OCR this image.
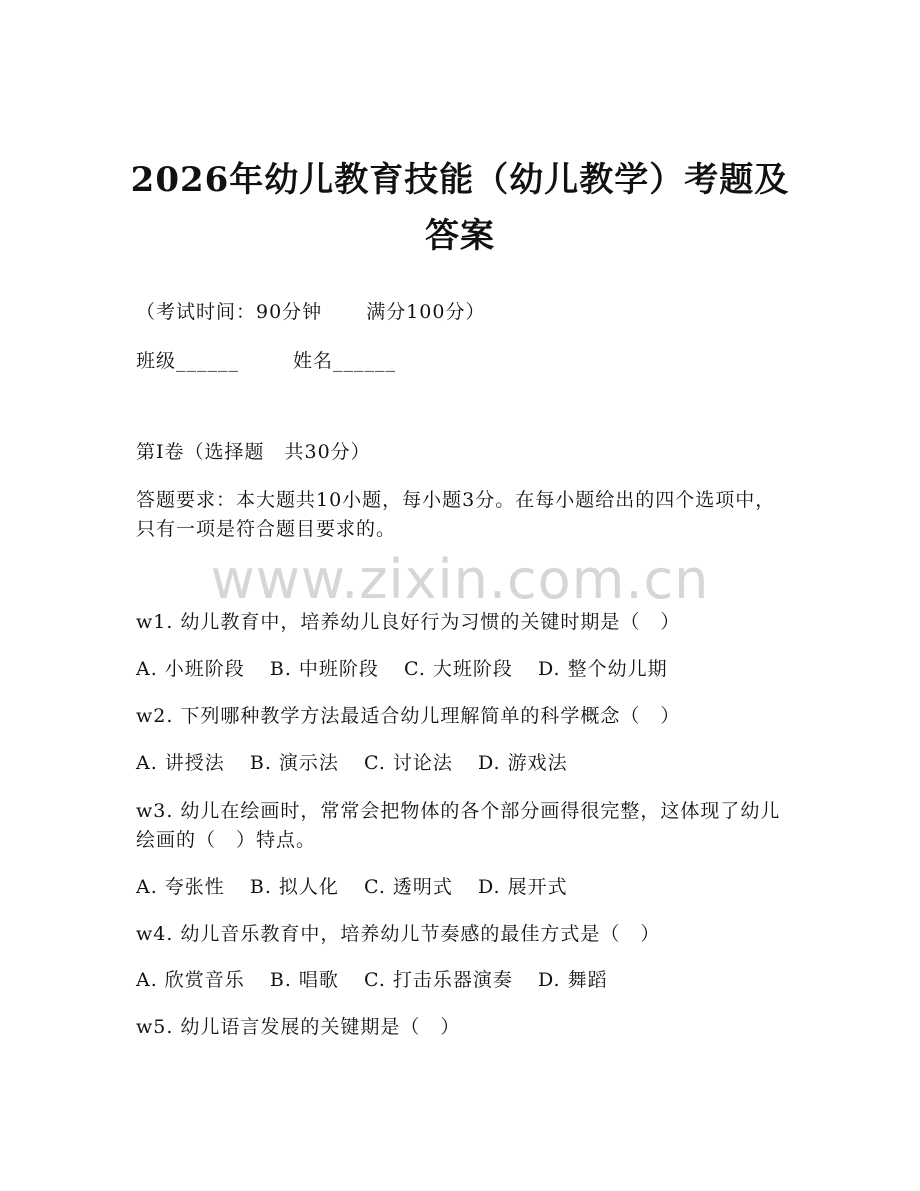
2026年幼儿教育技能（幼儿教学）考题及答案
（考试时间：90分钟 满分100分）
班级______	姓名______
第Ⅰ卷（选择题　共30分）
答题要求：本大题共10小题，每小题3分。在每小题给出的四个选项中，只有一项是符合题目要求的。
www.zixin.com.cn
w1. 幼儿教育中，培养幼儿良好行为习惯的关键时期是（　）
A. 小班阶段 B. 中班阶段 C. 大班阶段 D. 整个幼儿期
w2. 下列哪种教学方法最适合幼儿理解简单的科学概念（　）
A. 讲授法 B. 演示法 C. 讨论法 D. 游戏法
w3. 幼儿在绘画时，常常会把物体的各个部分画得很完整，这体现了幼儿绘画的（　）特点。
A. 夸张性 B. 拟人化 C. 透明式 D. 展开式
w4. 幼儿音乐教育中，培养幼儿节奏感的最佳方式是（　）
A. 欣赏音乐 B. 唱歌 C. 打击乐器演奏 D. 舞蹈
w5. 幼儿语言发展的关键期是（　）
